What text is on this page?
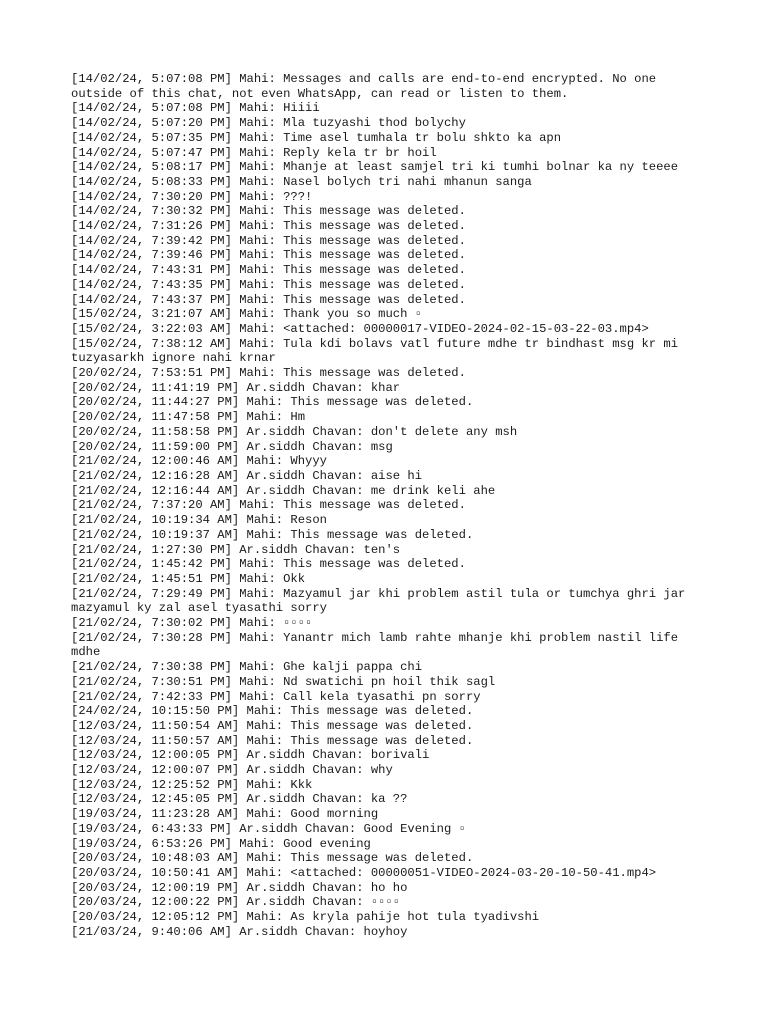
[14/02/24, 5:07:08 PM] Mahi: Messages and calls are end-to-end encrypted. No one outside of this chat, not even WhatsApp, can read or listen to them.
[14/02/24, 5:07:08 PM] Mahi: Hiiii
[14/02/24, 5:07:20 PM] Mahi: Mla tuzyashi thod bolychy
[14/02/24, 5:07:35 PM] Mahi: Time asel tumhala tr bolu shkto ka apn
[14/02/24, 5:07:47 PM] Mahi: Reply kela tr br hoil
[14/02/24, 5:08:17 PM] Mahi: Mhanje at least samjel tri ki tumhi bolnar ka ny teeee
[14/02/24, 5:08:33 PM] Mahi: Nasel bolych tri nahi mhanun sanga
[14/02/24, 7:30:20 PM] Mahi: ???!
[14/02/24, 7:30:32 PM] Mahi: This message was deleted.
[14/02/24, 7:31:26 PM] Mahi: This message was deleted.
[14/02/24, 7:39:42 PM] Mahi: This message was deleted.
[14/02/24, 7:39:46 PM] Mahi: This message was deleted.
[14/02/24, 7:43:31 PM] Mahi: This message was deleted.
[14/02/24, 7:43:35 PM] Mahi: This message was deleted.
[14/02/24, 7:43:37 PM] Mahi: This message was deleted.
[15/02/24, 3:21:07 AM] Mahi: Thank you so much ▫
[15/02/24, 3:22:03 AM] Mahi: <attached: 00000017-VIDEO-2024-02-15-03-22-03.mp4>
[15/02/24, 7:38:12 AM] Mahi: Tula kdi bolavs vatl future mdhe tr bindhast msg kr mi tuzyasarkh ignore nahi krnar
[20/02/24, 7:53:51 PM] Mahi: This message was deleted.
[20/02/24, 11:41:19 PM] Ar.siddh Chavan: khar
[20/02/24, 11:44:27 PM] Mahi: This message was deleted.
[20/02/24, 11:47:58 PM] Mahi: Hm
[20/02/24, 11:58:58 PM] Ar.siddh Chavan: don't delete any msh
[20/02/24, 11:59:00 PM] Ar.siddh Chavan: msg
[21/02/24, 12:00:46 AM] Mahi: Whyyy
[21/02/24, 12:16:28 AM] Ar.siddh Chavan: aise hi
[21/02/24, 12:16:44 AM] Ar.siddh Chavan: me drink keli ahe
[21/02/24, 7:37:20 AM] Mahi: This message was deleted.
[21/02/24, 10:19:34 AM] Mahi: Reson
[21/02/24, 10:19:37 AM] Mahi: This message was deleted.
[21/02/24, 1:27:30 PM] Ar.siddh Chavan: ten's
[21/02/24, 1:45:42 PM] Mahi: This message was deleted.
[21/02/24, 1:45:51 PM] Mahi: Okk
[21/02/24, 7:29:49 PM] Mahi: Mazyamul jar khi problem astil tula or tumchya ghri jar mazyamul ky zal asel tyasathi sorry
[21/02/24, 7:30:02 PM] Mahi: ▫▫▫▫
[21/02/24, 7:30:28 PM] Mahi: Yanantr mich lamb rahte mhanje khi problem nastil life mdhe
[21/02/24, 7:30:38 PM] Mahi: Ghe kalji pappa chi
[21/02/24, 7:30:51 PM] Mahi: Nd swatichi pn hoil thik sagl
[21/02/24, 7:42:33 PM] Mahi: Call kela tyasathi pn sorry
[24/02/24, 10:15:50 PM] Mahi: This message was deleted.
[12/03/24, 11:50:54 AM] Mahi: This message was deleted.
[12/03/24, 11:50:57 AM] Mahi: This message was deleted.
[12/03/24, 12:00:05 PM] Ar.siddh Chavan: borivali
[12/03/24, 12:00:07 PM] Ar.siddh Chavan: why
[12/03/24, 12:25:52 PM] Mahi: Kkk
[12/03/24, 12:45:05 PM] Ar.siddh Chavan: ka ??
[19/03/24, 11:23:28 AM] Mahi: Good morning
[19/03/24, 6:43:33 PM] Ar.siddh Chavan: Good Evening ▫
[19/03/24, 6:53:26 PM] Mahi: Good evening
[20/03/24, 10:48:03 AM] Mahi: This message was deleted.
[20/03/24, 10:50:41 AM] Mahi: <attached: 00000051-VIDEO-2024-03-20-10-50-41.mp4>
[20/03/24, 12:00:19 PM] Ar.siddh Chavan: ho ho
[20/03/24, 12:00:22 PM] Ar.siddh Chavan: ▫▫▫▫
[20/03/24, 12:05:12 PM] Mahi: As kryla pahije hot tula tyadivshi
[21/03/24, 9:40:06 AM] Ar.siddh Chavan: hoyhoy
